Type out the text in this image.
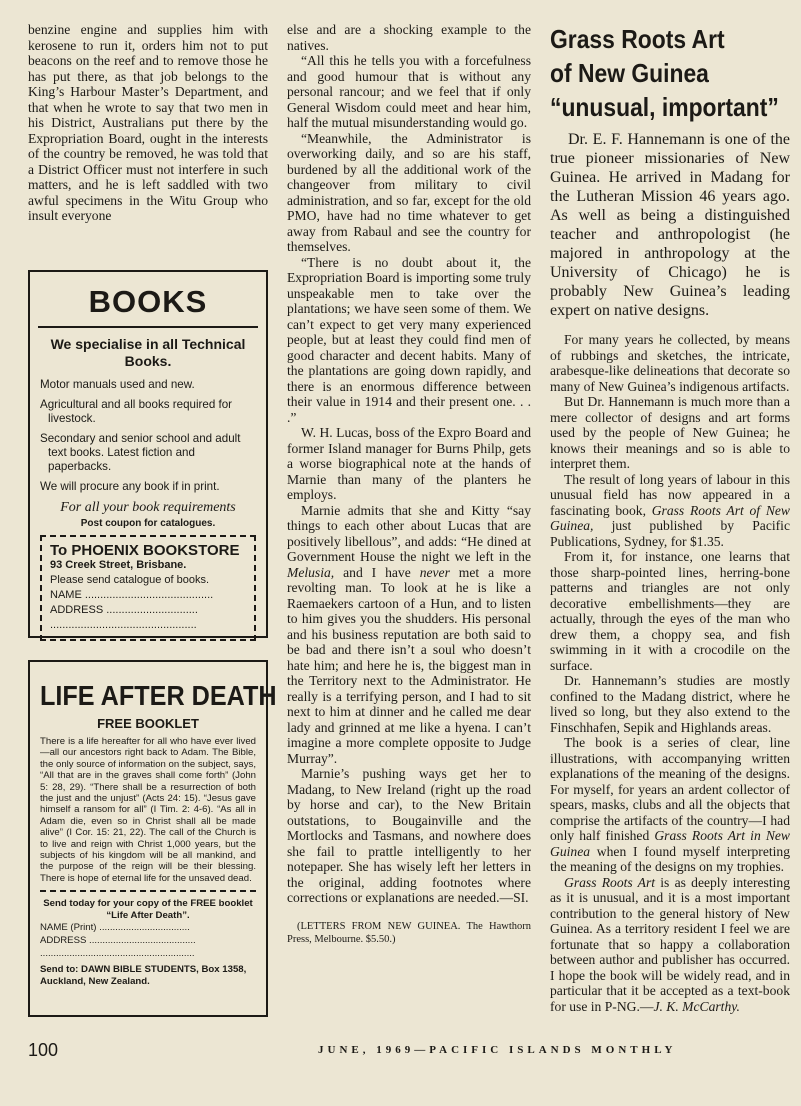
benzine engine and supplies him with kerosene to run it, orders him not to put beacons on the reef and to remove those he has put there, as that job belongs to the King’s Harbour Master’s Department, and that when he wrote to say that two men in his District, Australians put there by the Expropriation Board, ought in the interests of the country be removed, he was told that a District Officer must not interfere in such matters, and he is left saddled with two awful specimens in the Witu Group who insult everyone

BOOKS
We specialise in all Technical Books.
Motor manuals used and new.
Agricultural and all books required for livestock.
Secondary and senior school and adult text books. Latest fiction and paperbacks.
We will procure any book if in print.
For all your book requirements
Post coupon for catalogues.
To PHOENIX BOOKSTORE
93 Creek Street, Brisbane.
Please send catalogue of books.
NAME ..........................................
ADDRESS ..............................
................................................
LIFE AFTER DEATH
FREE BOOKLET
There is a life hereafter for all who have ever lived—all our ancestors right back to Adam. The Bible, the only source of information on the subject, says, “All that are in the graves shall come forth” (John 5: 28, 29). “There shall be a resurrection of both the just and the unjust” (Acts 24: 15). “Jesus gave himself a ransom for all” (I Tim. 2: 4-6). “As all in Adam die, even so in Christ shall all be made alive” (I Cor. 15: 21, 22). The call of the Church is to live and reign with Christ 1,000 years, but the subjects of his kingdom will be all mankind, and the purpose of the reign will be their blessing. There is hope of eternal life for the unsaved dead.
Send today for your copy of the FREE booklet “Life After Death”.
NAME (Print) ..................................
ADDRESS ........................................
..........................................................
Send to: DAWN BIBLE STUDENTS, Box 1358, Auckland, New Zealand.

else and are a shocking example to the natives.

“All this he tells you with a forcefulness and good humour that is without any personal rancour; and we feel that if only General Wisdom could meet and hear him, half the mutual misunderstanding would go.

“Meanwhile, the Administrator is overworking daily, and so are his staff, burdened by all the additional work of the changeover from military to civil administration, and so far, except for the old PMO, have had no time whatever to get away from Rabaul and see the country for themselves.

“There is no doubt about it, the Expropriation Board is importing some truly unspeakable men to take over the plantations; we have seen some of them. We can’t expect to get very many experienced people, but at least they could find men of good character and decent habits. Many of the plantations are going down rapidly, and there is an enormous difference between their value in 1914 and their present one. . . .”

W. H. Lucas, boss of the Expro Board and former Island manager for Burns Philp, gets a worse biographical note at the hands of Marnie than many of the planters he employs.

Marnie admits that she and Kitty “say things to each other about Lucas that are positively libellous”, and adds: “He dined at Government House the night we left in the Melusia, and I have never met a more revolting man. To look at he is like a Raemaekers cartoon of a Hun, and to listen to him gives you the shudders. His personal and his business reputation are both said to be bad and there isn’t a soul who doesn’t hate him; and here he is, the biggest man in the Territory next to the Administrator. He really is a terrifying person, and I had to sit next to him at dinner and he called me dear lady and grinned at me like a hyena. I can’t imagine a more complete opposite to Judge Murray”.

Marnie’s pushing ways get her to Madang, to New Ireland (right up the road by horse and car), to the New Britain outstations, to Bougainville and the Mortlocks and Tasmans, and nowhere does she fail to prattle intelligently to her notepaper. She has wisely left her letters in the original, adding footnotes where corrections or explanations are needed.—SI.

(LETTERS FROM NEW GUINEA. The Hawthorn Press, Melbourne. $5.50.)

Grass Roots Art
of New Guinea
“unusual, important”

Dr. E. F. Hannemann is one of the true pioneer missionaries of New Guinea. He arrived in Madang for the Lutheran Mission 46 years ago. As well as being a distinguished teacher and anthropologist (he majored in anthropology at the University of Chicago) he is probably New Guinea’s leading expert on native designs.

For many years he collected, by means of rubbings and sketches, the intricate, arabesque-like delineations that decorate so many of New Guinea’s indigenous artifacts.

But Dr. Hannemann is much more than a mere collector of designs and art forms used by the people of New Guinea; he knows their meanings and so is able to interpret them.

The result of long years of labour in this unusual field has now appeared in a fascinating book, Grass Roots Art of New Guinea, just published by Pacific Publications, Sydney, for $1.35.

From it, for instance, one learns that those sharp-pointed lines, herring-bone patterns and triangles are not only decorative embellishments—they are actually, through the eyes of the man who drew them, a choppy sea, and fish swimming in it with a crocodile on the surface.

Dr. Hannemann’s studies are mostly confined to the Madang district, where he lived so long, but they also extend to the Finschhafen, Sepik and Highlands areas.

The book is a series of clear, line illustrations, with accompanying written explanations of the meaning of the designs. For myself, for years an ardent collector of spears, masks, clubs and all the objects that comprise the artifacts of the country—I had only half finished Grass Roots Art in New Guinea when I found myself interpreting the meaning of the designs on my trophies.

Grass Roots Art is as deeply interesting as it is unusual, and it is a most important contribution to the general history of New Guinea. As a territory resident I feel we are fortunate that so happy a collaboration between author and publisher has occurred. I hope the book will be widely read, and in particular that it be accepted as a text-book for use in P-NG.—J. K. McCarthy.

100	JUNE, 1969—PACIFIC ISLANDS MONTHLY
